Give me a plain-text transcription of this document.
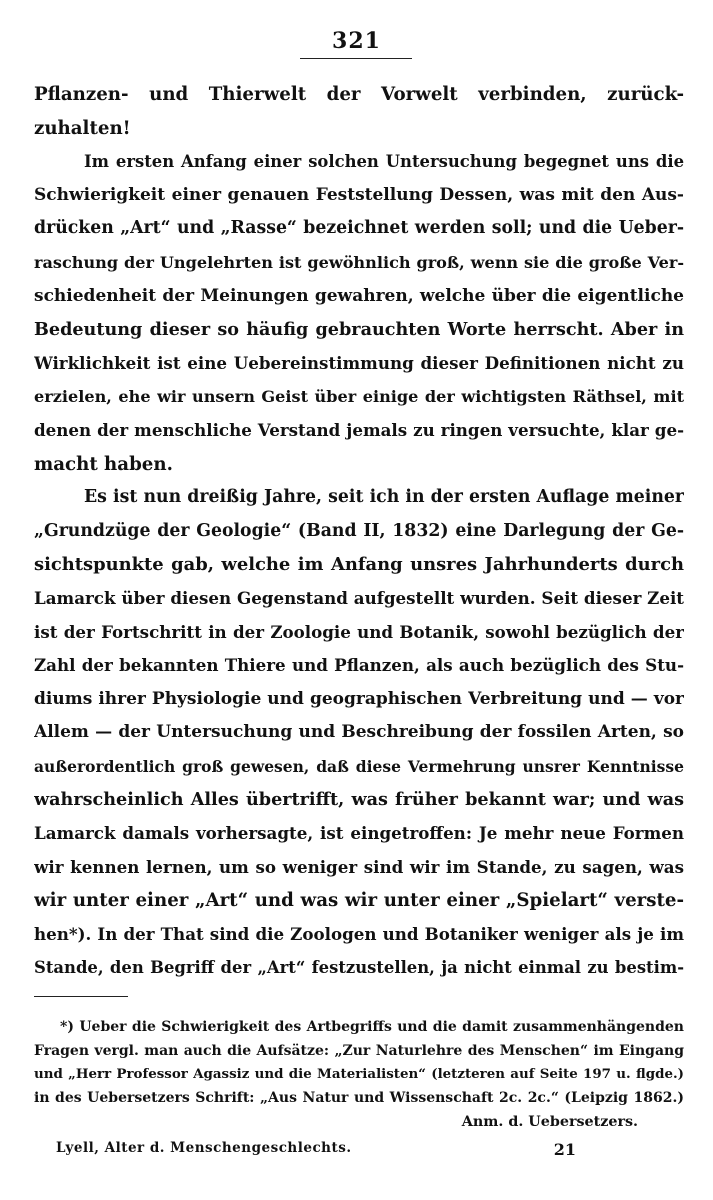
321
Pflanzen- und Thierwelt der Vorwelt verbinden, zurück-
zuhalten!
Im ersten Anfang einer solchen Untersuchung begegnet uns die
Schwierigkeit einer genauen Feststellung Dessen, was mit den Aus-
drücken „Art“ und „Rasse“ bezeichnet werden soll; und die Ueber-
raschung der Ungelehrten ist gewöhnlich groß, wenn sie die große Ver-
schiedenheit der Meinungen gewahren, welche über die eigentliche
Bedeutung dieser so häufig gebrauchten Worte herrscht. Aber in
Wirklichkeit ist eine Uebereinstimmung dieser Definitionen nicht zu
erzielen, ehe wir unsern Geist über einige der wichtigsten Räthsel, mit
denen der menschliche Verstand jemals zu ringen versuchte, klar ge-
macht haben.
Es ist nun dreißig Jahre, seit ich in der ersten Auflage meiner
„Grundzüge der Geologie“ (Band II, 1832) eine Darlegung der Ge-
sichtspunkte gab, welche im Anfang unsres Jahrhunderts durch
Lamarck über diesen Gegenstand aufgestellt wurden. Seit dieser Zeit
ist der Fortschritt in der Zoologie und Botanik, sowohl bezüglich der
Zahl der bekannten Thiere und Pflanzen, als auch bezüglich des Stu-
diums ihrer Physiologie und geographischen Verbreitung und — vor
Allem — der Untersuchung und Beschreibung der fossilen Arten, so
außerordentlich groß gewesen, daß diese Vermehrung unsrer Kenntnisse
wahrscheinlich Alles übertrifft, was früher bekannt war; und was
Lamarck damals vorhersagte, ist eingetroffen: Je mehr neue Formen
wir kennen lernen, um so weniger sind wir im Stande, zu sagen, was
wir unter einer „Art“ und was wir unter einer „Spielart“ verste-
hen*). In der That sind die Zoologen und Botaniker weniger als je im
Stande, den Begriff der „Art“ festzustellen, ja nicht einmal zu bestim-
*) Ueber die Schwierigkeit des Artbegriffs und die damit zusammenhängenden
Fragen vergl. man auch die Aufsätze: „Zur Naturlehre des Menschen“ im Eingang
und „Herr Professor Agassiz und die Materialisten“ (letzteren auf Seite 197 u. flgde.)
in des Uebersetzers Schrift: „Aus Natur und Wissenschaft 2c. 2c.“ (Leipzig 1862.)
Anm. d. Uebersetzers.
Lyell, Alter d. Menschengeschlechts.	21
